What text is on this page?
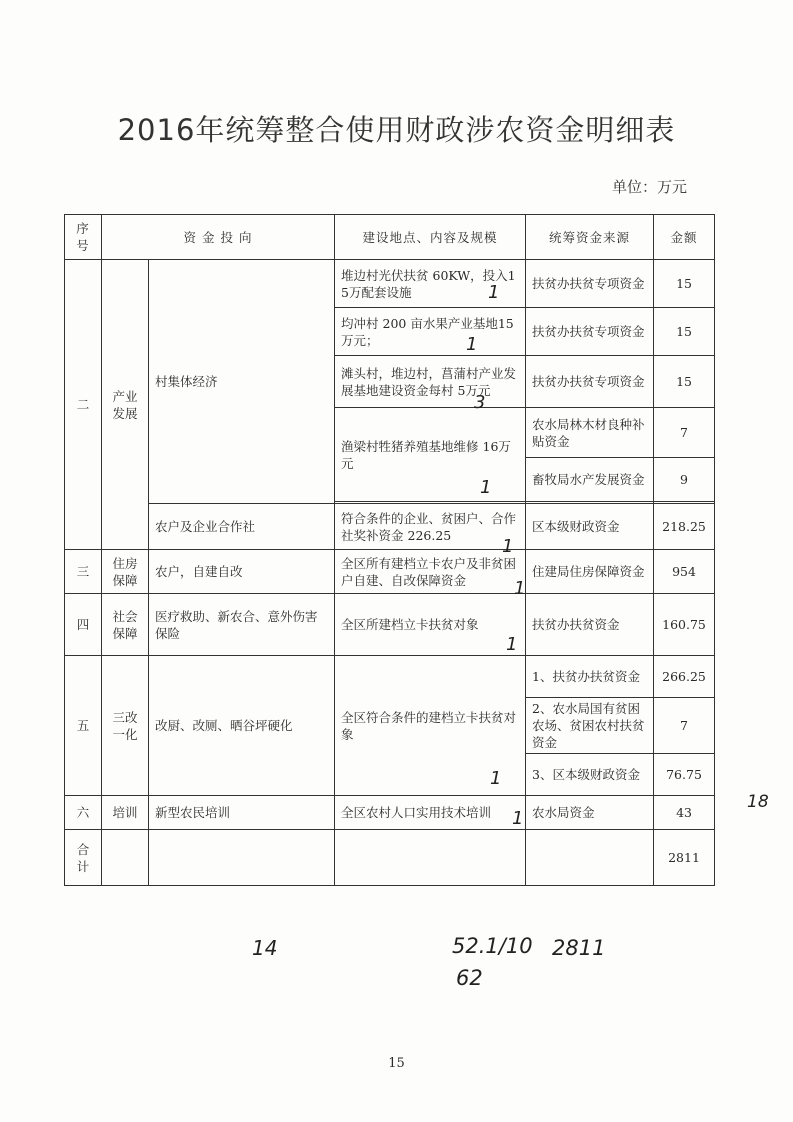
2016年统筹整合使用财政涉农资金明细表
单位：万元
序号	资 金 投 向		建设地点、内容及规模	统筹资金来源	金额
二	产业发展	村集体经济	堆边村光伏扶贫 60KW，投入15万配套设施	扶贫办扶贫专项资金	15
			均冲村 200 亩水果产业基地15万元；	扶贫办扶贫专项资金	15
			滩头村，堆边村，菖蒲村产业发展基地建设资金每村 5万元	扶贫办扶贫专项资金	15
			渔梁村牲猪养殖基地维修 16万元	农水局林木材良种补贴资金	7
				畜牧局水产发展资金	9

		农户及企业合作社	符合条件的企业、贫困户、合作社奖补资金 226.25	区本级财政资金	218.25
三	住房保障	农户，自建自改	全区所有建档立卡农户及非贫困户自建、自改保障资金	住建局住房保障资金	954
四	社会保障	医疗救助、新农合、意外伤害保险	全区所建档立卡扶贫对象	扶贫办扶贫资金	160.75
五	三改一化	改厨、改厕、晒谷坪硬化	全区符合条件的建档立卡扶贫对象	1、扶贫办扶贫资金	266.25
				2、农水局国有贫困农场、贫困农村扶贫资金	7
				3、区本级财政资金	76.75
六	培训	新型农民培训	全区农村人口实用技术培训	农水局资金	43
合计					2811
1
1
3
1
1
1
1
1
1
18
14	52.1/10 2811
62
15
